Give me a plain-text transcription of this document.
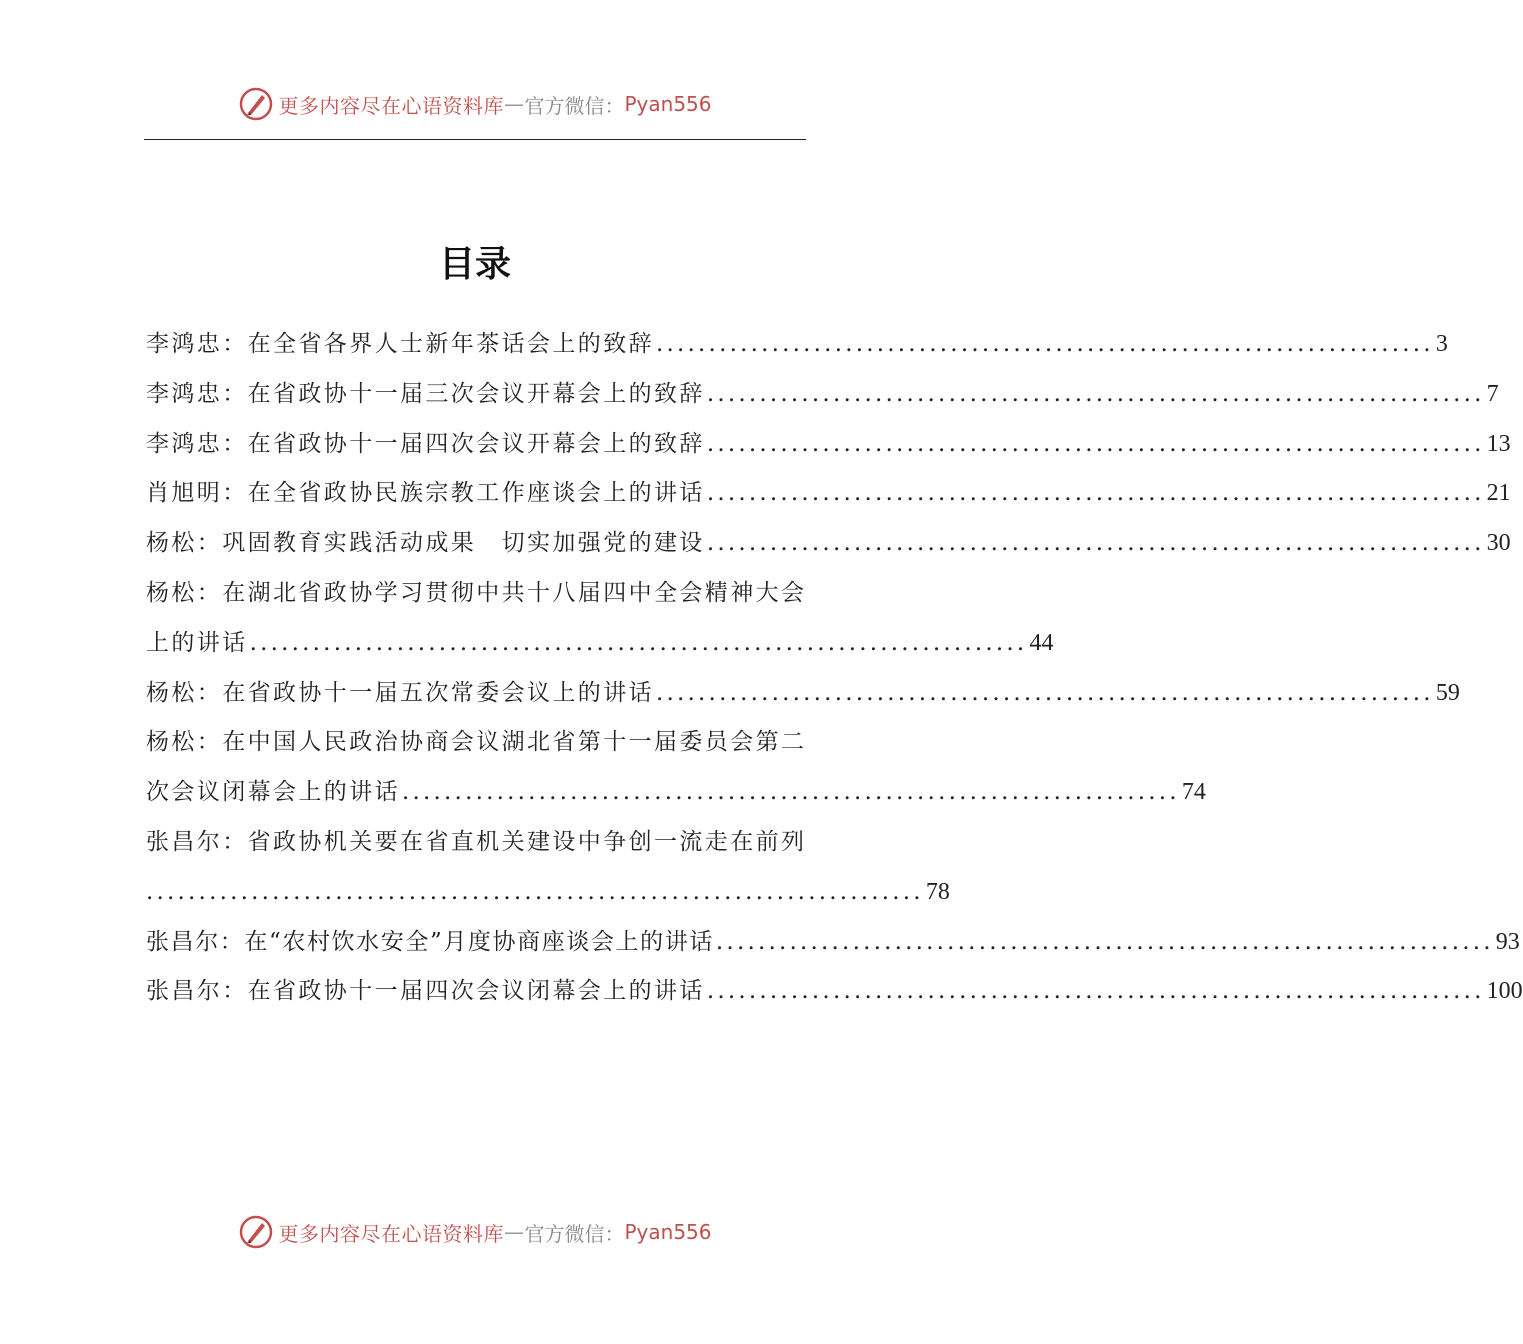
更多内容尽在心语资料库 — 官方微信： Pyan556
目录
李鸿忠：在全省各界人士新年茶话会上的致辞 .......................................................................... 3
李鸿忠：在省政协十一届三次会议开幕会上的致辞 .......................................................................... 7
李鸿忠：在省政协十一届四次会议开幕会上的致辞 .......................................................................... 13
肖旭明：在全省政协民族宗教工作座谈会上的讲话 .......................................................................... 21
杨松：巩固教育实践活动成果　切实加强党的建设 .......................................................................... 30
杨松：在湖北省政协学习贯彻中共十八届四中全会精神大会
上的讲话 .......................................................................... 44
杨松：在省政协十一届五次常委会议上的讲话 .......................................................................... 59
杨松：在中国人民政治协商会议湖北省第十一届委员会第二
次会议闭幕会上的讲话 .......................................................................... 74
张昌尔：省政协机关要在省直机关建设中争创一流走在前列
.......................................................................... 78
张昌尔：在“农村饮水安全”月度协商座谈会上的讲话 .......................................................................... 93
张昌尔：在省政协十一届四次会议闭幕会上的讲话 .......................................................................... 100
更多内容尽在心语资料库 — 官方微信： Pyan556
